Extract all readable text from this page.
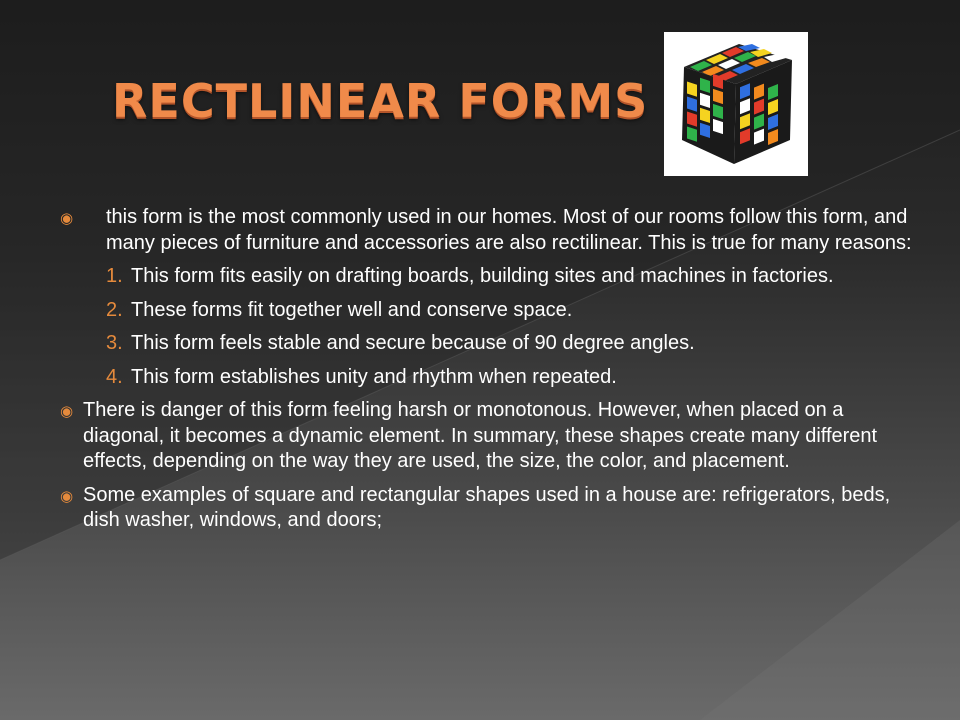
RECTLINEAR FORMS
◉ this form is the most commonly used in our homes. Most of our rooms follow this form, and many pieces of furniture and accessories are also rectilinear. This is true for many reasons:
1. This form fits easily on drafting boards, building sites and machines in factories.
2. These forms fit together well and conserve space.
3. This form feels stable and secure because of 90 degree angles.
4. This form establishes unity and rhythm when repeated.
◉ There is danger of this form feeling harsh or monotonous. However, when placed on a diagonal, it becomes a dynamic element. In summary, these shapes create many different effects, depending on the way they are used, the size, the color, and placement.
◉ Some examples of square and rectangular shapes used in a house are: refrigerators, beds, dish washer, windows, and doors;
